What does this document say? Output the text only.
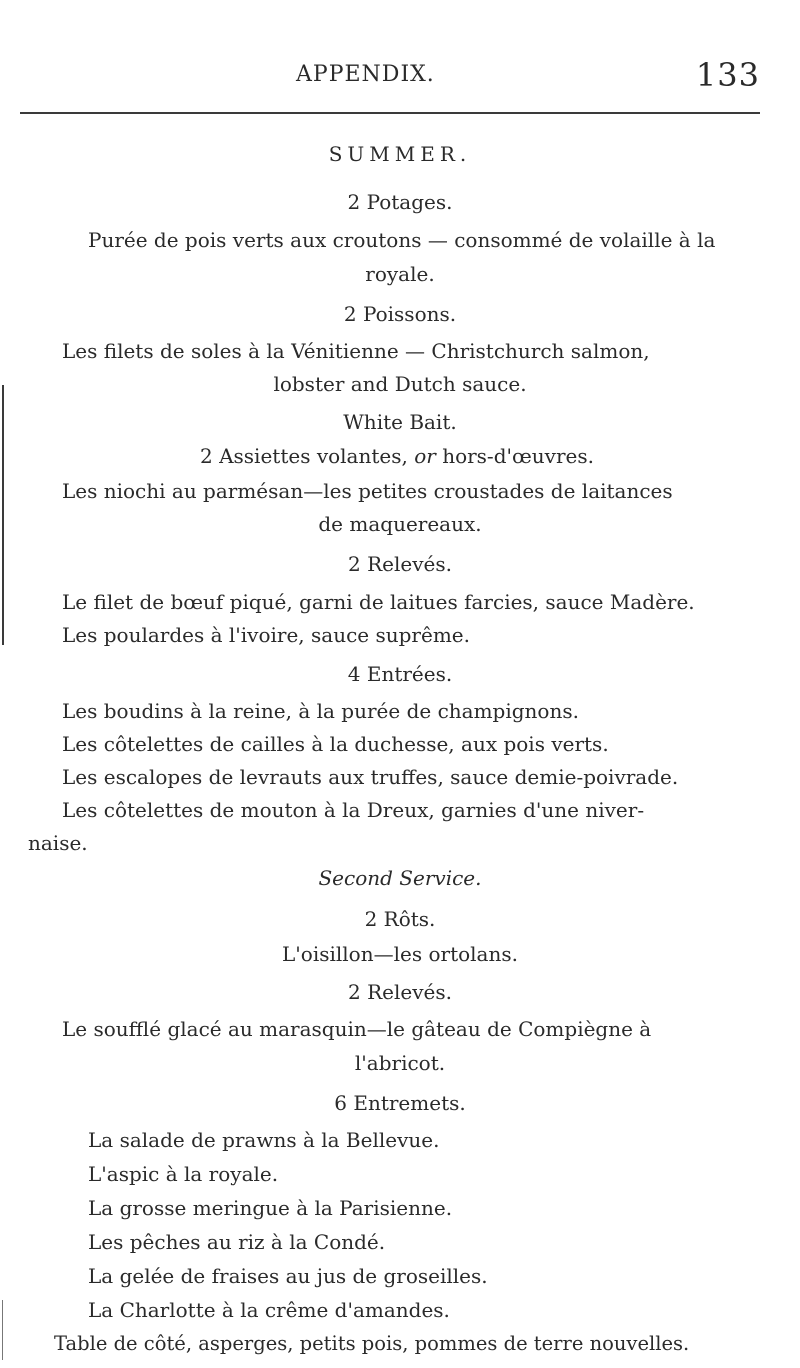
APPENDIX.	133
SUMMER.
2 Potages.
Purée de pois verts aux croutons — consommé de volaille à la
royale.
2 Poissons.
Les filets de soles à la Vénitienne — Christchurch salmon,
lobster and Dutch sauce.
White Bait.
2 Assiettes volantes, or hors-d'œuvres.
Les niochi au parmésan—les petites croustades de laitances
de maquereaux.
2 Relevés.
Le filet de bœuf piqué, garni de laitues farcies, sauce Madère.
Les poulardes à l'ivoire, sauce suprême.
4 Entrées.
Les boudins à la reine, à la purée de champignons.
Les côtelettes de cailles à la duchesse, aux pois verts.
Les escalopes de levrauts aux truffes, sauce demie-poivrade.
Les côtelettes de mouton à la Dreux, garnies d'une niver-
naise.
Second Service.
2 Rôts.
L'oisillon—les ortolans.
2 Relevés.
Le soufflé glacé au marasquin—le gâteau de Compiègne à
l'abricot.
6 Entremets.
La salade de prawns à la Bellevue.
L'aspic à la royale.
La grosse meringue à la Parisienne.
Les pêches au riz à la Condé.
La gelée de fraises au jus de groseilles.
La Charlotte à la crême d'amandes.
Table de côté, asperges, petits pois, pommes de terre nouvelles.
